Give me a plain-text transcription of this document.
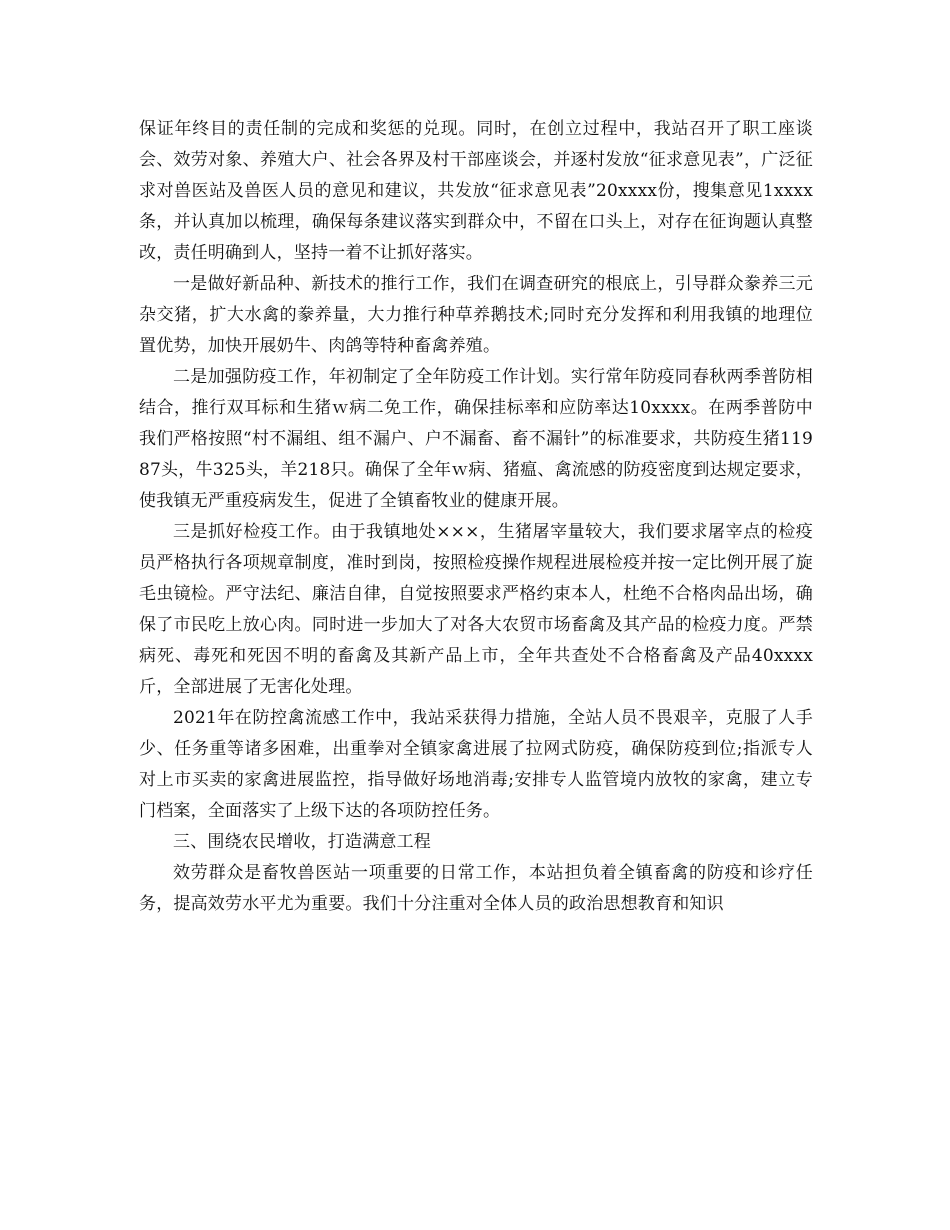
保证年终目的责任制的完成和奖惩的兑现。同时，在创立过程中，我站召开了职工座谈会、效劳对象、养殖大户、社会各界及村干部座谈会，并逐村发放“征求意见表”，广泛征求对兽医站及兽医人员的意见和建议，共发放“征求意见表”20xxxx份，搜集意见1xxxx条，并认真加以梳理，确保每条建议落实到群众中，不留在口头上，对存在征询题认真整改，责任明确到人，坚持一着不让抓好落实。

一是做好新品种、新技术的推行工作，我们在调查研究的根底上，引导群众豢养三元杂交猪，扩大水禽的豢养量，大力推行种草养鹅技术;同时充分发挥和利用我镇的地理位置优势，加快开展奶牛、肉鸽等特种畜禽养殖。

二是加强防疫工作，年初制定了全年防疫工作计划。实行常年防疫同春秋两季普防相结合，推行双耳标和生猪ｗ病二免工作，确保挂标率和应防率达10xxxx。在两季普防中我们严格按照“村不漏组、组不漏户、户不漏畜、畜不漏针”的标准要求，共防疫生猪11987头，牛325头，羊218只。确保了全年ｗ病、猪瘟、禽流感的防疫密度到达规定要求，使我镇无严重疫病发生，促进了全镇畜牧业的健康开展。

三是抓好检疫工作。由于我镇地处×××，生猪屠宰量较大，我们要求屠宰点的检疫员严格执行各项规章制度，准时到岗，按照检疫操作规程进展检疫并按一定比例开展了旋毛虫镜检。严守法纪、廉洁自律，自觉按照要求严格约束本人，杜绝不合格肉品出场，确保了市民吃上放心肉。同时进一步加大了对各大农贸市场畜禽及其产品的检疫力度。严禁病死、毒死和死因不明的畜禽及其新产品上市，全年共查处不合格畜禽及产品40xxxx斤，全部进展了无害化处理。

2021年在防控禽流感工作中，我站采获得力措施，全站人员不畏艰辛，克服了人手少、任务重等诸多困难，出重拳对全镇家禽进展了拉网式防疫，确保防疫到位;指派专人对上市买卖的家禽进展监控，指导做好场地消毒;安排专人监管境内放牧的家禽，建立专门档案，全面落实了上级下达的各项防控任务。

三、围绕农民增收，打造满意工程

效劳群众是畜牧兽医站一项重要的日常工作，本站担负着全镇畜禽的防疫和诊疗任务，提高效劳水平尤为重要。我们十分注重对全体人员的政治思想教育和知识
